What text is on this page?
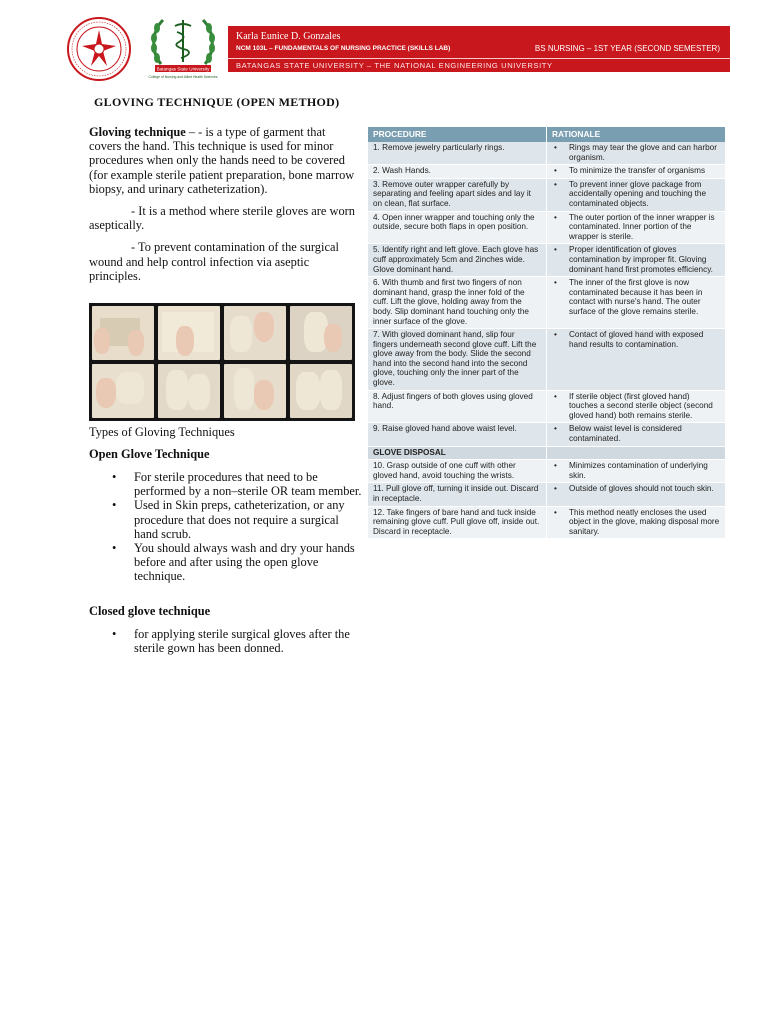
Batangas State University
College of Nursing and Allied Health Sciences
Karla Eunice D. Gonzales
NCM 103L – FUNDAMENTALS OF NURSING PRACTICE (SKILLS LAB)	BS NURSING – 1ST YEAR (SECOND SEMESTER)
BATANGAS STATE UNIVERSITY – THE NATIONAL ENGINEERING UNIVERSITY
GLOVING TECHNIQUE (OPEN METHOD)

Gloving technique – - is a type of garment that covers the hand. This technique is used for minor procedures when only the hands need to be covered (for example sterile patient preparation, bone marrow biopsy, and urinary catheterization).

- It is a method where sterile gloves are worn aseptically.

- To prevent contamination of the surgical wound and help control infection via aseptic principles.

Types of Gloving Techniques
Open Glove Technique
• For sterile procedures that need to be performed by a non–sterile OR team member.
• Used in Skin preps, catheterization, or any procedure that does not require a surgical hand scrub.
• You should always wash and dry your hands before and after using the open glove technique.
Closed glove technique
• for applying sterile surgical gloves after the sterile gown has been donned.
PROCEDURE	RATIONALE
1. Remove jewelry particularly rings.	• Rings may tear the glove and can harbor organism.

2. Wash Hands.	• To minimize the transfer of organisms

3. Remove outer wrapper carefully by separating and feeling apart sides and lay it on clean, flat surface.	• To prevent inner glove package from accidentally opening and touching the contaminated objects.

4. Open inner wrapper and touching only the outside, secure both flaps in open position.	• The outer portion of the inner wrapper is contaminated. Inner portion of the wrapper is sterile.

5. Identify right and left glove. Each glove has cuff approximately 5cm and 2inches wide. Glove dominant hand.	• Proper identification of gloves contamination by improper fit. Gloving dominant hand first promotes efficiency.

6. With thumb and first two fingers of non dominant hand, grasp the inner fold of the cuff. Lift the glove, holding away from the body. Slip dominant hand touching only the inner surface of the glove.	• The inner of the first glove is now contaminated because it has been in contact with nurse's hand. The outer surface of the glove remains sterile.

7. With gloved dominant hand, slip four fingers underneath second glove cuff. Lift the glove away from the body. Slide the second hand into the second hand into the second glove, touching only the inner part of the glove.	• Contact of gloved hand with exposed hand results to contamination.

8. Adjust fingers of both gloves using gloved hand.	• If sterile object (first gloved hand) touches a second sterile object (second gloved hand) both remains sterile.

9. Raise gloved hand above waist level.	• Below waist level is considered contaminated.

GLOVE DISPOSAL	
10. Grasp outside of one cuff with other gloved hand, avoid touching the wrists.	• Minimizes contamination of underlying skin.

11. Pull glove off, turning it inside out. Discard in receptacle.	• Outside of gloves should not touch skin.

12. Take fingers of bare hand and tuck inside remaining glove cuff. Pull glove off, inside out. Discard in receptacle.	• This method neatly encloses the used object in the glove, making disposal more sanitary.
